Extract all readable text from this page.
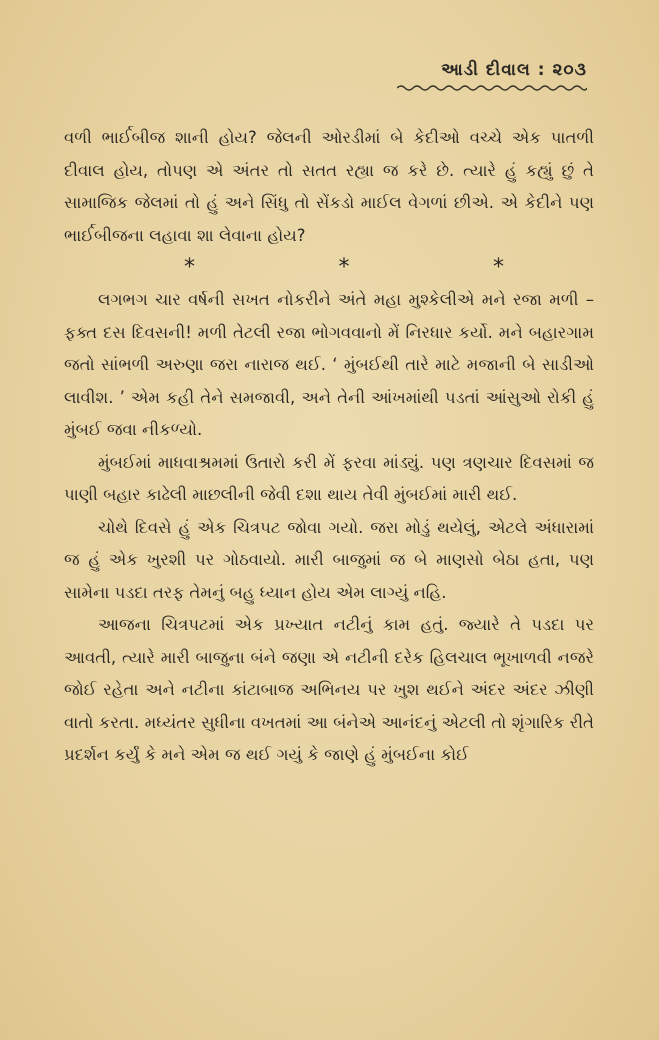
આડી દીવાલ : ૨૦૩

વળી ભાર્ઈબીજ શાની હોય? જેલની ઓરડીમાં બે કેદીઓ વચ્ચે એક પાતળી દીવાલ હોય, તોપણ એ અંતર તો સતત રહ્યા જ કરે છે. ત્યારે હું કહ્યું છું તે સામાજિક જેલમાં તો હું અને સિંધુ તો સેંકડો માઈલ વેગળાં છીએ. એ કેદીને પણ ભાર્ઈબીજના લહાવા શા લેવાના હોય?

*	*	*

લગભગ ચાર વર્ષની સખત નોકરીને અંતે મહા મુશ્કેલીએ મને રજા મળી – ફક્ત દસ દિવસની! મળી તેટલી રજા ભોગવવાનો મેં નિરધાર કર્યો. મને બહારગામ જતો સાંભળી અરુણા જરા નારાજ થઈ. ‘ મુંબઈથી તારે માટે મજાની બે સાડીઓ લાવીશ. ’ એમ કહી તેને સમજાવી, અને તેની આંખમાંથી પડતાં આંસુઓ રોકી હું મુંબઈ જવા નીકળ્યો.

મુંબઈમાં માધવાશ્રમમાં ઉતારો કરી મેં ફરવા માંડ્યું. પણ ત્રણચાર દિવસમાં જ પાણી બહાર કાઢેલી માછલીની જેવી દશા થાય તેવી મુંબઈમાં મારી થઈ.

ચોથે દિવસે હું એક ચિત્રપટ જોવા ગયો. જરા મોડું થયેલું, એટલે અંધારામાં જ હું એક ખુરશી પર ગોઠવાયો. મારી બાજુમાં જ બે માણસો બેઠા હતા, પણ સામેના પડદા તરફ તેમનું બહુ ધ્યાન હોય એમ લાગ્યું નહિ.

આજના ચિત્રપટમાં એક પ્રખ્યાત નટીનું કામ હતું. જ્યારે તે પડદા પર આવતી, ત્યારે મારી બાજુના બંને જણા એ નટીની દરેક હિલચાલ ભૂખાળવી નજરે જોઈ રહેતા અને નટીના કાંટાબાજ અભિનય પર ખુશ થઈને અંદર અંદર ઝીણી વાતો કરતા. મધ્યંતર સુધીના વખતમાં આ બંનેએ આનંદનું એટલી તો શૃંગારિક રીતે પ્રદર્શન કર્યું કે મને એમ જ થઈ ગયું કે જાણે હું મુંબઈના કોઈ
